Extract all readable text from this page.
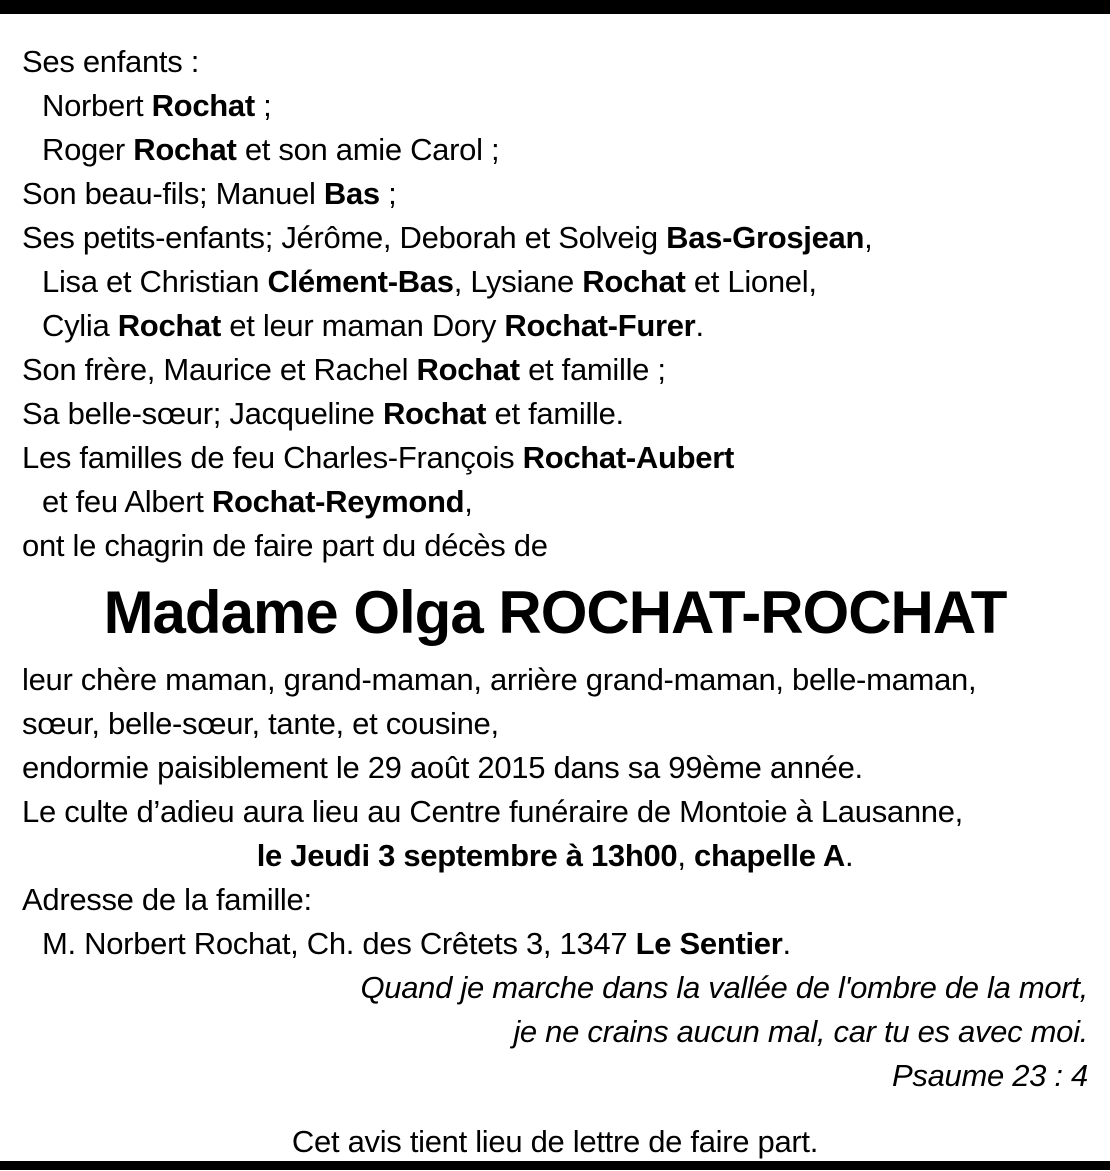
Ses enfants :
Norbert Rochat ;
Roger Rochat et son amie Carol ;
Son beau-fils; Manuel Bas ;
Ses petits-enfants; Jérôme, Deborah et Solveig Bas-Grosjean,
Lisa et Christian Clément-Bas, Lysiane Rochat et Lionel,
Cylia Rochat et leur maman Dory Rochat-Furer.
Son frère, Maurice et Rachel Rochat et famille ;
Sa belle-sœur; Jacqueline Rochat et famille.
Les familles de feu Charles-François Rochat-Aubert
et feu Albert Rochat-Reymond,
ont le chagrin de faire part du décès de
Madame Olga ROCHAT-ROCHAT
leur chère maman, grand-maman, arrière grand-maman, belle-maman,
sœur, belle-sœur, tante, et cousine,
endormie paisiblement le 29 août 2015 dans sa 99ème année.
Le culte d’adieu aura lieu au Centre funéraire de Montoie à Lausanne,
le Jeudi 3 septembre à 13h00, chapelle A.
Adresse de la famille:
M. Norbert Rochat, Ch. des Crêtets 3, 1347 Le Sentier.
Quand je marche dans la vallée de l'ombre de la mort,
je ne crains aucun mal, car tu es avec moi.
Psaume 23 : 4
Cet avis tient lieu de lettre de faire part.
